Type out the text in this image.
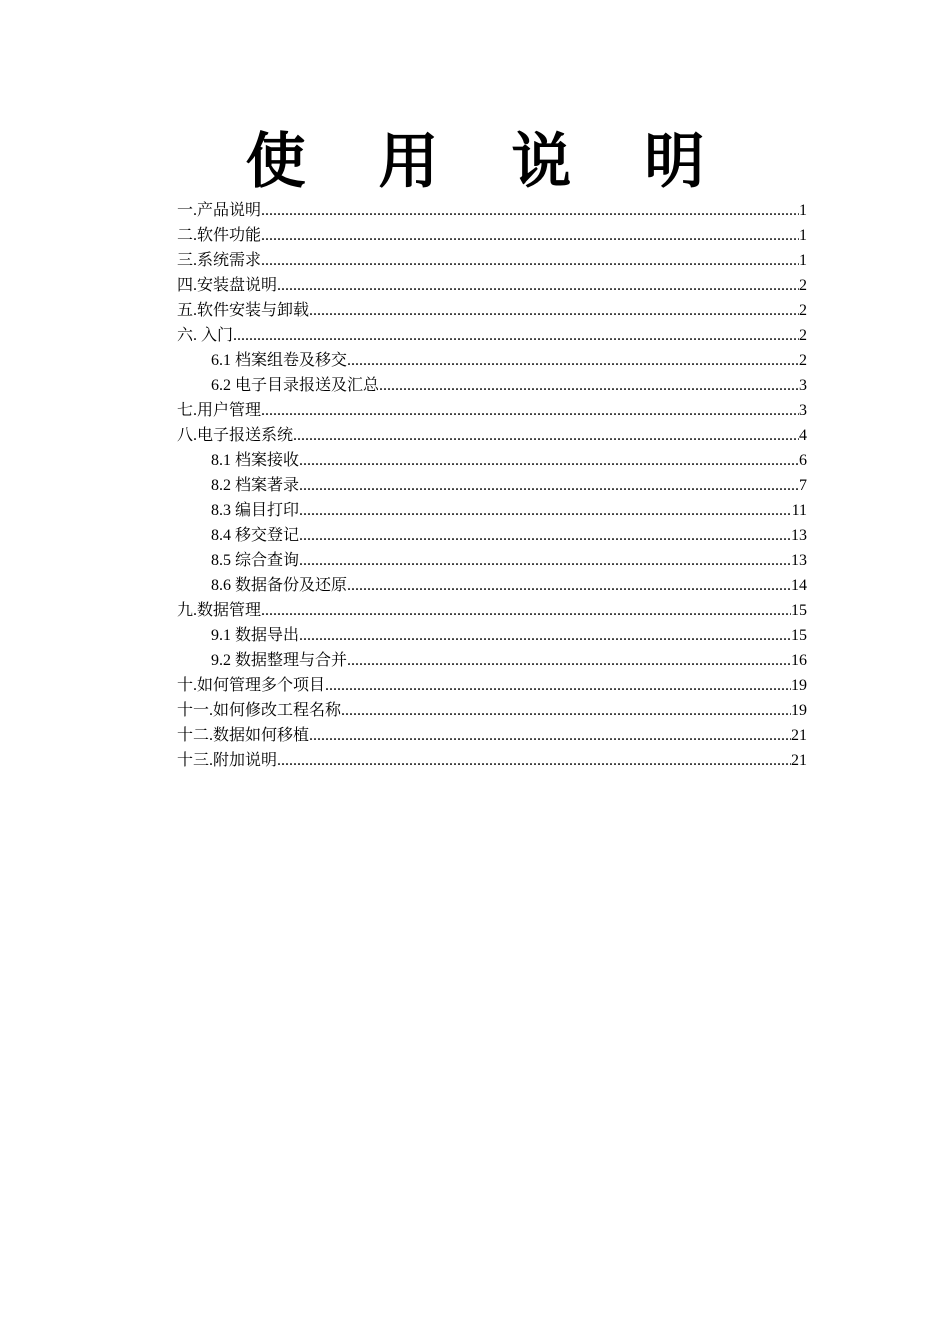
使 用 说 明
一.产品说明 .....	1
二.软件功能 .....	1
三.系统需求 .....	1
四.安装盘说明 .....	2
五.软件安装与卸载 .....	2
六. 入门 .....	2
6.1 档案组卷及移交 .....	2
6.2 电子目录报送及汇总 .....	3
七.用户管理 .....	3
八.电子报送系统 .....	4
8.1 档案接收 .....	6
8.2 档案著录 .....	7
8.3 编目打印 .....	11
8.4 移交登记 .....	13
8.5 综合查询 .....	13
8.6 数据备份及还原 .....	14
九.数据管理 .....	15
9.1 数据导出 .....	15
9.2 数据整理与合并 .....	16
十.如何管理多个项目 .....	19
十一.如何修改工程名称 .....	19
十二.数据如何移植 .....	21
十三.附加说明 .....	21
